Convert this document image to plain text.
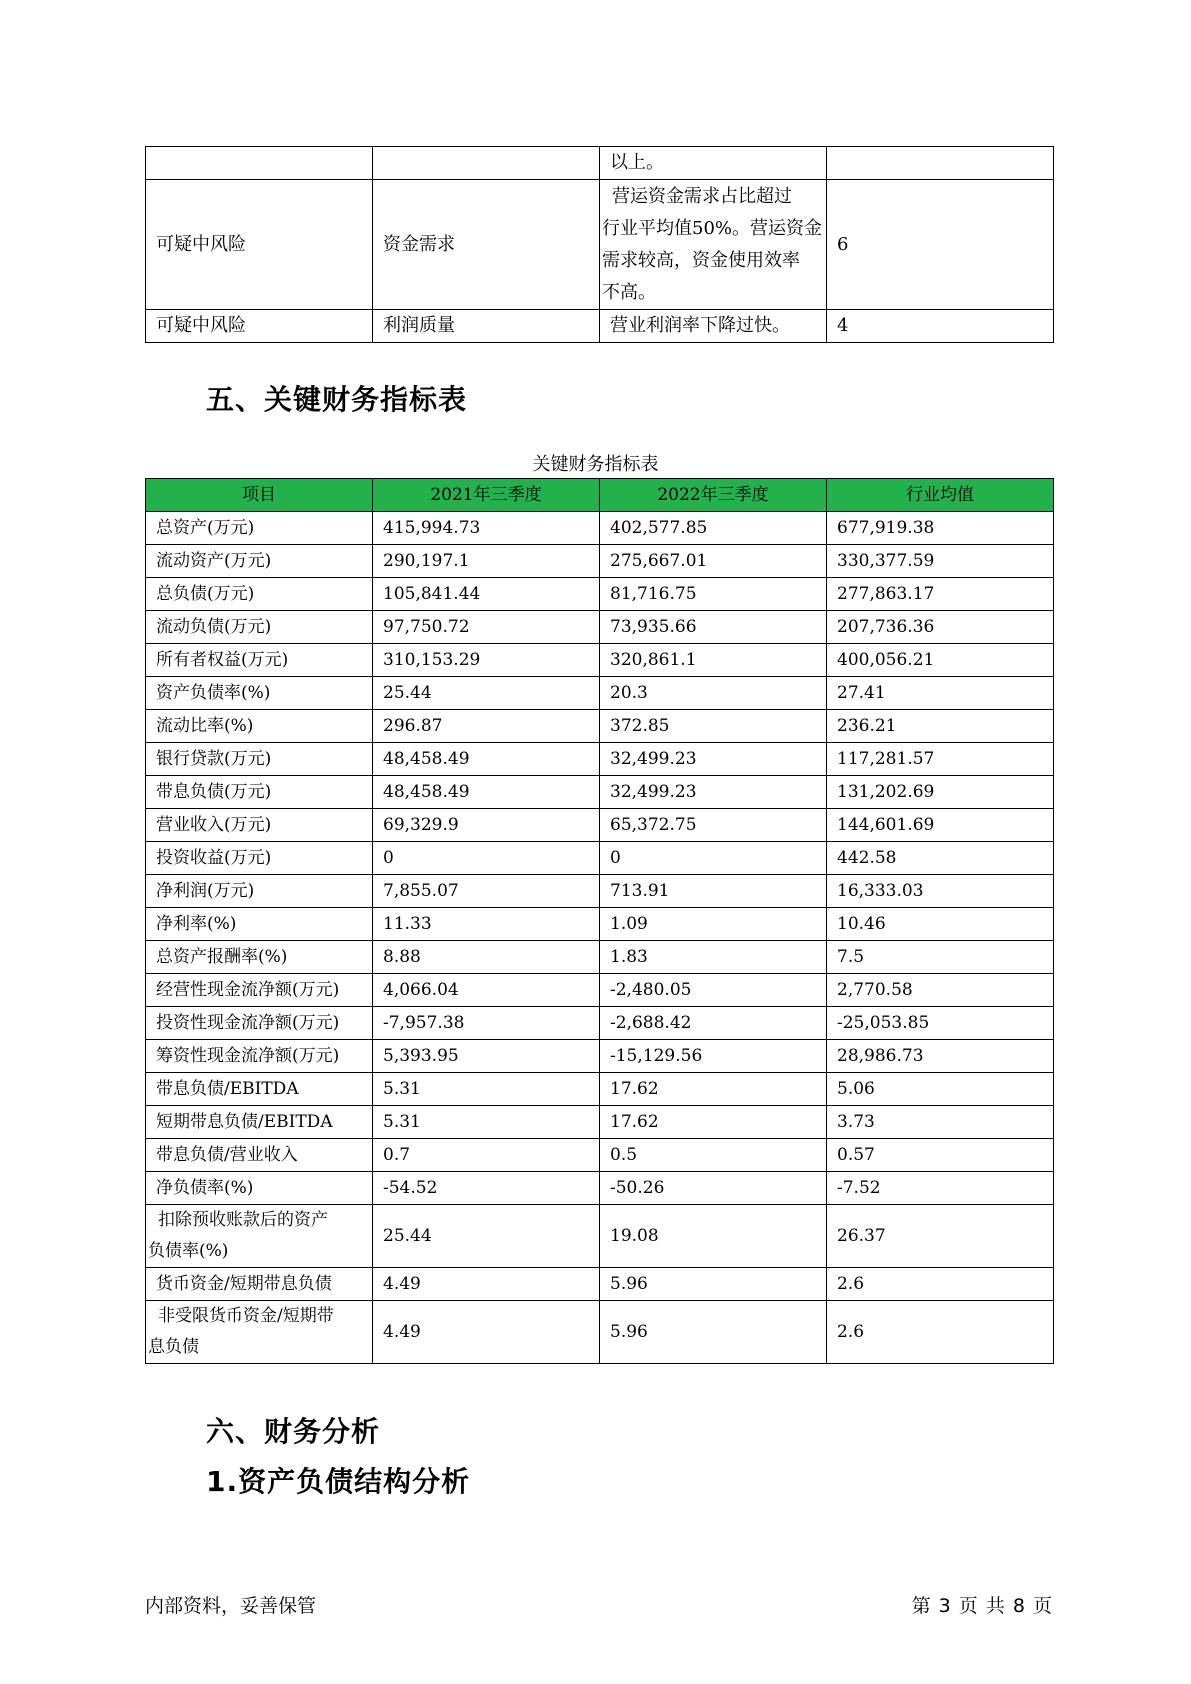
		以上。	
可疑中风险	资金需求	营运资金需求占比超过
行业平均值50%。营运资金
需求较高，资金使用效率
不高。	6
可疑中风险	利润质量	营业利润率下降过快。	4
五、关键财务指标表
关键财务指标表
项目	2021年三季度	2022年三季度	行业均值
总资产(万元)	415,994.73	402,577.85	677,919.38
流动资产(万元)	290,197.1	275,667.01	330,377.59
总负债(万元)	105,841.44	81,716.75	277,863.17
流动负债(万元)	97,750.72	73,935.66	207,736.36
所有者权益(万元)	310,153.29	320,861.1	400,056.21
资产负债率(%)	25.44	20.3	27.41
流动比率(%)	296.87	372.85	236.21
银行贷款(万元)	48,458.49	32,499.23	117,281.57
带息负债(万元)	48,458.49	32,499.23	131,202.69
营业收入(万元)	69,329.9	65,372.75	144,601.69
投资收益(万元)	0	0	442.58
净利润(万元)	7,855.07	713.91	16,333.03
净利率(%)	11.33	1.09	10.46
总资产报酬率(%)	8.88	1.83	7.5
经营性现金流净额(万元)	4,066.04	-2,480.05	2,770.58
投资性现金流净额(万元)	-7,957.38	-2,688.42	-25,053.85
筹资性现金流净额(万元)	5,393.95	-15,129.56	28,986.73
带息负债/EBITDA	5.31	17.62	5.06
短期带息负债/EBITDA	5.31	17.62	3.73
带息负债/营业收入	0.7	0.5	0.57
净负债率(%)	-54.52	-50.26	-7.52

扣除预收账款后的资产
负债率(%)	25.44	19.08	26.37

货币资金/短期带息负债	4.49	5.96	2.6

非受限货币资金/短期带
息负债	4.49	5.96	2.6
六、财务分析
1.资产负债结构分析
内部资料，妥善保管	第 3 页 共 8 页
